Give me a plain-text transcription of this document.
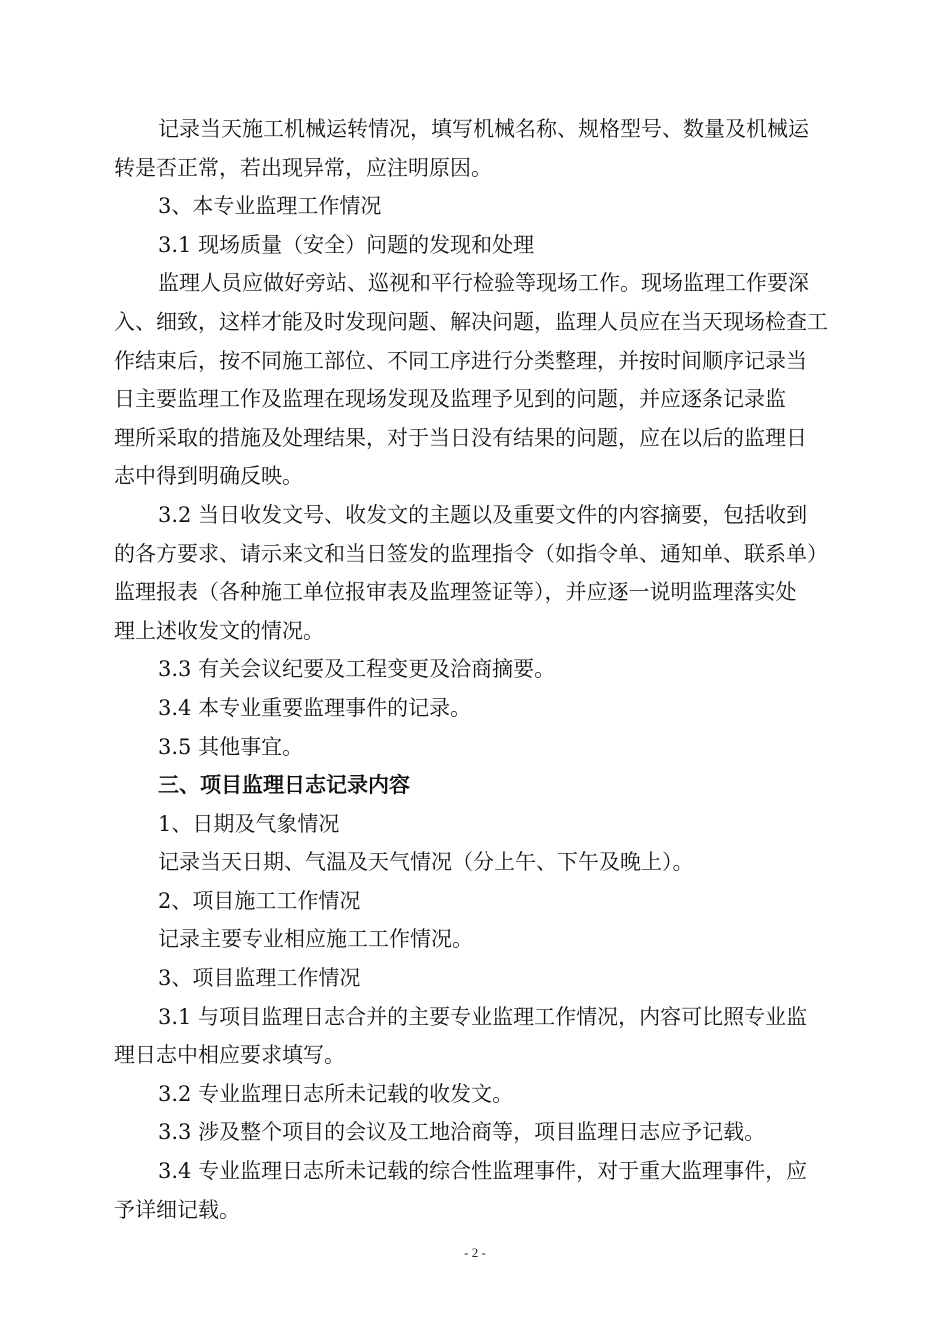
记录当天施工机械运转情况，填写机械名称、规格型号、数量及机械运

转是否正常，若出现异常，应注明原因。

3、本专业监理工作情况

3.1 现场质量（安全）问题的发现和处理

监理人员应做好旁站、巡视和平行检验等现场工作。现场监理工作要深

入、细致，这样才能及时发现问题、解决问题，监理人员应在当天现场检查工

作结束后，按不同施工部位、不同工序进行分类整理，并按时间顺序记录当

日主要监理工作及监理在现场发现及监理予见到的问题，并应逐条记录监

理所采取的措施及处理结果，对于当日没有结果的问题，应在以后的监理日

志中得到明确反映。

3.2 当日收发文号、收发文的主题以及重要文件的内容摘要，包括收到

的各方要求、请示来文和当日签发的监理指令（如指令单、通知单、联系单）

监理报表（各种施工单位报审表及监理签证等），并应逐一说明监理落实处

理上述收发文的情况。

3.3 有关会议纪要及工程变更及洽商摘要。

3.4 本专业重要监理事件的记录。

3.5 其他事宜。

三、项目监理日志记录内容

1、日期及气象情况

记录当天日期、气温及天气情况（分上午、下午及晚上）。

2、项目施工工作情况

记录主要专业相应施工工作情况。

3、项目监理工作情况

3.1 与项目监理日志合并的主要专业监理工作情况，内容可比照专业监

理日志中相应要求填写。

3.2 专业监理日志所未记载的收发文。

3.3 涉及整个项目的会议及工地洽商等，项目监理日志应予记载。

3.4 专业监理日志所未记载的综合性监理事件，对于重大监理事件，应

予详细记载。

- 2 -
